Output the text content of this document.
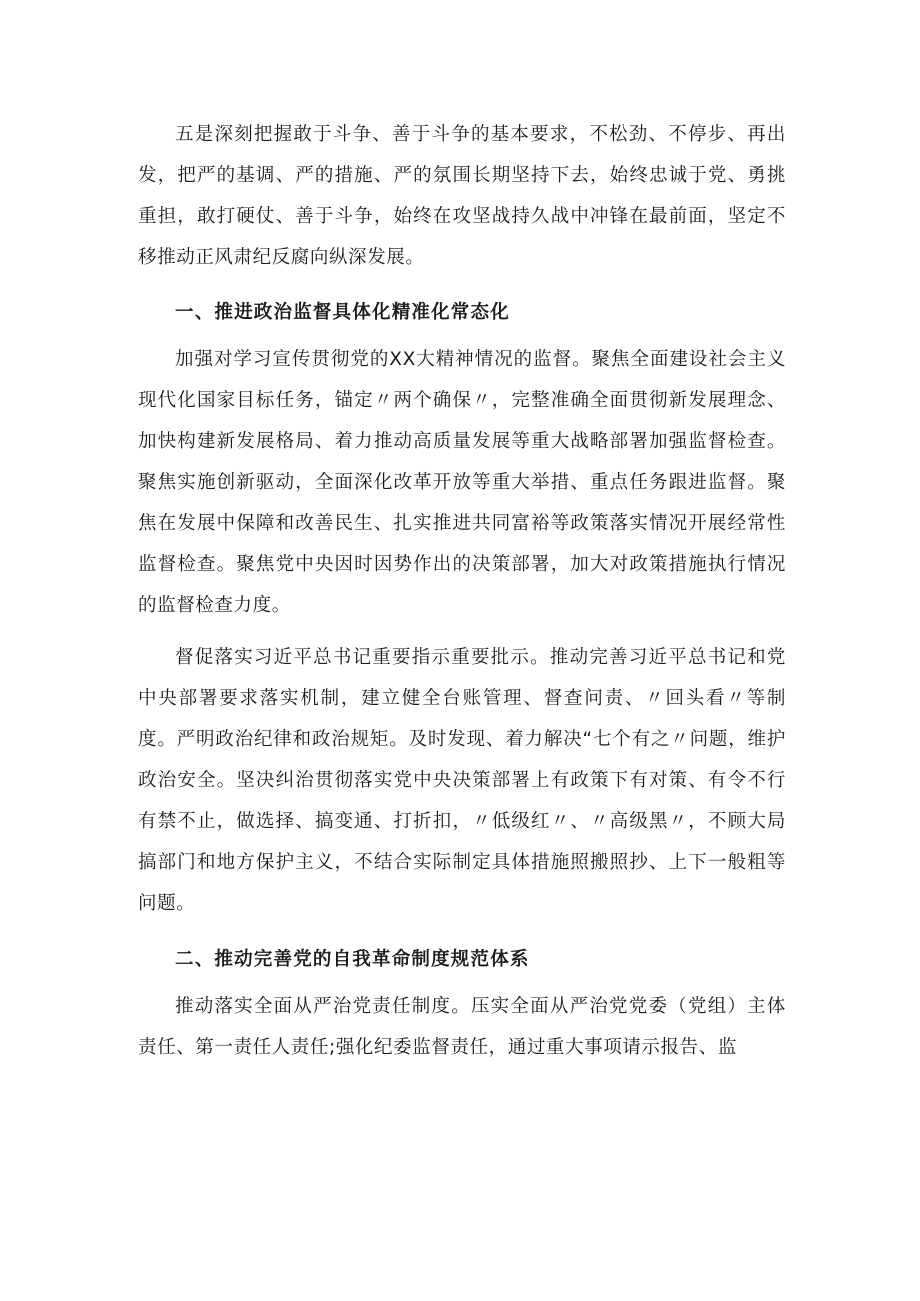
五是深刻把握敢于斗争、善于斗争的基本要求，不松劲、不停步、再出发，把严的基调、严的措施、严的氛围长期坚持下去，始终忠诚于党、勇挑重担，敢打硬仗、善于斗争，始终在攻坚战持久战中冲锋在最前面，坚定不移推动正风肃纪反腐向纵深发展。

一、推进政治监督具体化精准化常态化

加强对学习宣传贯彻党的XX大精神情况的监督。聚焦全面建设社会主义现代化国家目标任务，锚定〃两个确保〃，完整准确全面贯彻新发展理念、加快构建新发展格局、着力推动高质量发展等重大战略部署加强监督检查。聚焦实施创新驱动，全面深化改革开放等重大举措、重点任务跟进监督。聚焦在发展中保障和改善民生、扎实推进共同富裕等政策落实情况开展经常性监督检查。聚焦党中央因时因势作出的决策部署，加大对政策措施执行情况的监督检查力度。

督促落实习近平总书记重要指示重要批示。推动完善习近平总书记和党中央部署要求落实机制，建立健全台账管理、督查问责、〃回头看〃等制度。严明政治纪律和政治规矩。及时发现、着力解决“七个有之〃问题，维护政治安全。坚决纠治贯彻落实党中央决策部署上有政策下有对策、有令不行有禁不止，做选择、搞变通、打折扣，〃低级红〃、〃高级黑〃，不顾大局搞部门和地方保护主义，不结合实际制定具体措施照搬照抄、上下一般粗等问题。

二、推动完善党的自我革命制度规范体系

推动落实全面从严治党责任制度。压实全面从严治党党委（党组）主体责任、第一责任人责任;强化纪委监督责任，通过重大事项请示报告、监
